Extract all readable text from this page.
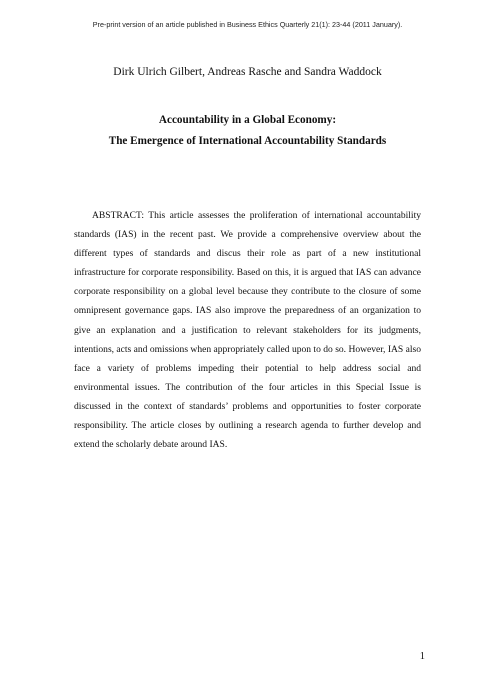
Pre-print version of an article published in Business Ethics Quarterly 21(1): 23-44 (2011 January).
Dirk Ulrich Gilbert, Andreas Rasche and Sandra Waddock
Accountability in a Global Economy:
The Emergence of International Accountability Standards

ABSTRACT: This article assesses the proliferation of international accountability standards (IAS) in the recent past. We provide a comprehensive overview about the different types of standards and discus their role as part of a new institutional infrastructure for corporate responsibility. Based on this, it is argued that IAS can advance corporate responsibility on a global level because they contribute to the closure of some omnipresent governance gaps. IAS also improve the preparedness of an organization to give an explanation and a justification to relevant stakeholders for its judgments, intentions, acts and omissions when appropriately called upon to do so. However, IAS also face a variety of problems impeding their potential to help address social and environmental issues. The contribution of the four articles in this Special Issue is discussed in the context of standards’ problems and opportunities to foster corporate responsibility. The article closes by outlining a research agenda to further develop and extend the scholarly debate around IAS.

1
